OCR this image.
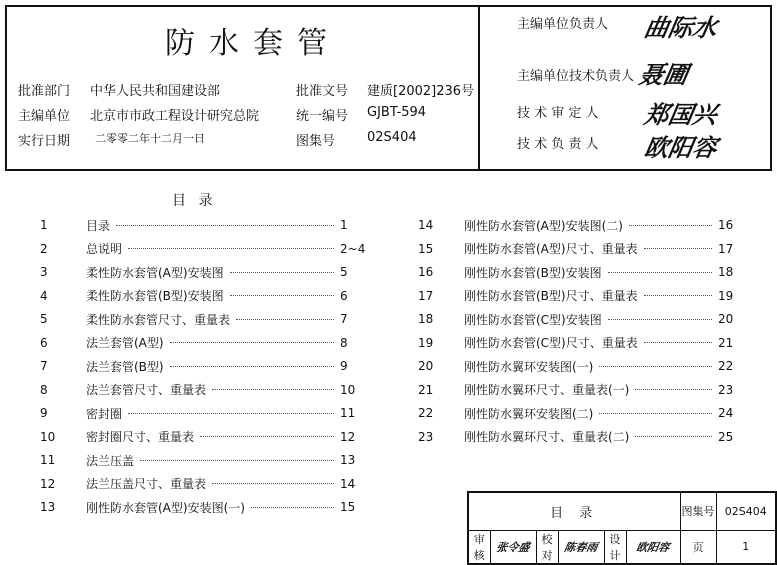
防水套管
批准部门 中华人民共和国建设部	批准文号 建质[2002]236号
主编单位 北京市市政工程设计研究总院	统一编号 GJBT-594
实行日期 二零零二年十二月一日	图集号 02S404
主编单位负责人 曲际水
主编单位技术负责人 聂圃
技 术 审 定 人 郑国兴
技 术 负 责 人 欧阳容
目 录
1	目录	1
2	总说明	2~4
3	柔性防水套管(A型)安装图	5
4	柔性防水套管(B型)安装图	6
5	柔性防水套管尺寸、重量表	7
6	法兰套管(A型)	8
7	法兰套管(B型)	9
8	法兰套管尺寸、重量表	10
9	密封圈	11
10	密封圈尺寸、重量表	12
11	法兰压盖	13
12	法兰压盖尺寸、重量表	14
13	刚性防水套管(A型)安装图(一)	15
14	刚性防水套管(A型)安装图(二)	16
15	刚性防水套管(A型)尺寸、重量表	17
16	刚性防水套管(B型)安装图	18
17	刚性防水套管(B型)尺寸、重量表	19
18	刚性防水套管(C型)安装图	20
19	刚性防水套管(C型)尺寸、重量表	21
20	刚性防水翼环安装图(一)	22
21	刚性防水翼环尺寸、重量表(一)	23
22	刚性防水翼环安装图(二)	24
23	刚性防水翼环尺寸、重量表(二)	25
目 录						图集号	02S404
审核	张令盛	校对	陈春雨	设计	欧阳容	页	1
